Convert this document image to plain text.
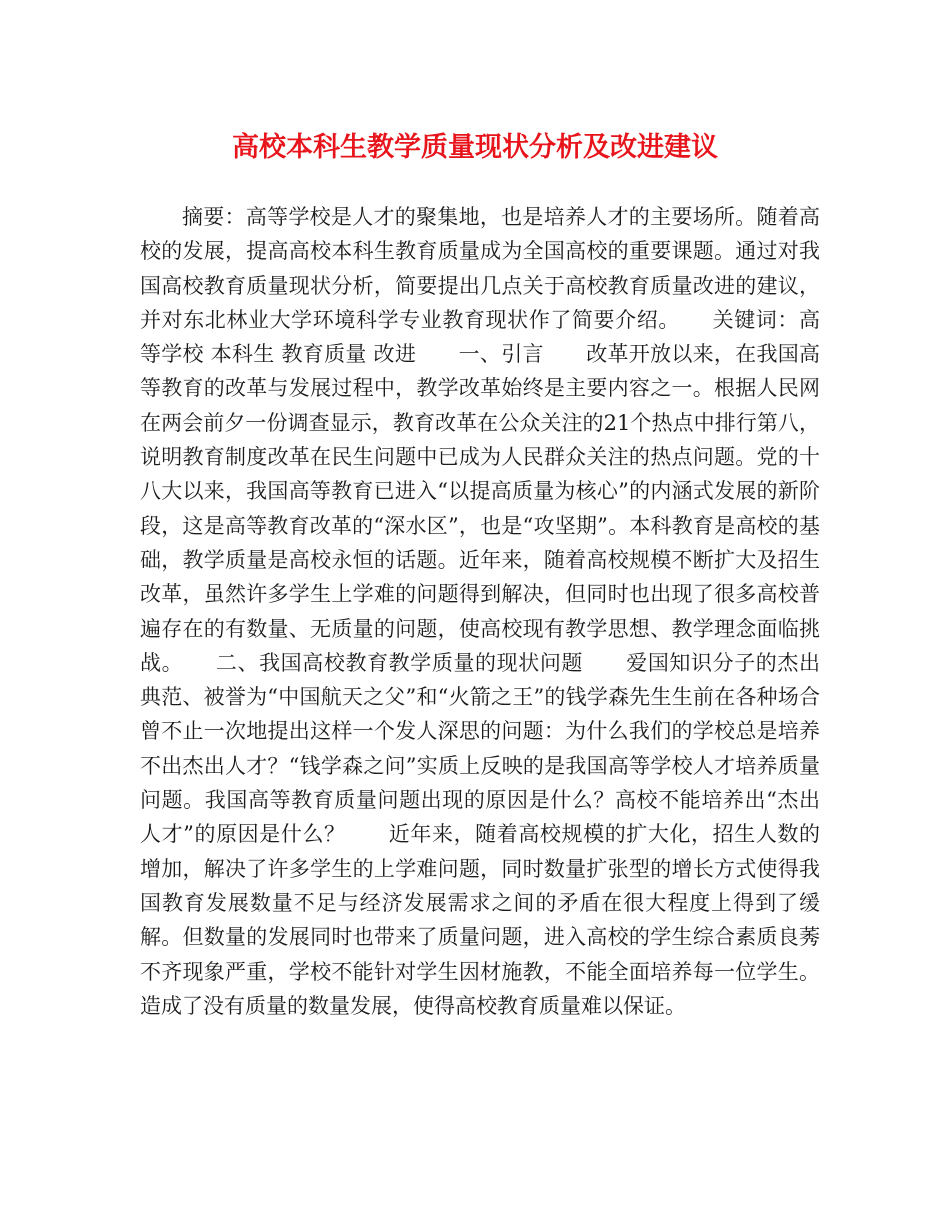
高校本科生教学质量现状分析及改进建议

摘要：高等学校是人才的聚集地，也是培养人才的主要场所。随着高校的发展，提高高校本科生教育质量成为全国高校的重要课题。通过对我国高校教育质量现状分析，简要提出几点关于高校教育质量改进的建议，并对东北林业大学环境科学专业教育现状作了简要介绍。　　关键词：高等学校 本科生 教育质量 改进　　一、引言　　改革开放以来，在我国高等教育的改革与发展过程中，教学改革始终是主要内容之一。根据人民网在两会前夕一份调查显示，教育改革在公众关注的21个热点中排行第八，说明教育制度改革在民生问题中已成为人民群众关注的热点问题。党的十八大以来，我国高等教育已进入“以提高质量为核心”的内涵式发展的新阶段，这是高等教育改革的“深水区”，也是“攻坚期”。本科教育是高校的基础，教学质量是高校永恒的话题。近年来，随着高校规模不断扩大及招生改革，虽然许多学生上学难的问题得到解决，但同时也出现了很多高校普遍存在的有数量、无质量的问题，使高校现有教学思想、教学理念面临挑战。　　二、我国高校教育教学质量的现状问题　　爱国知识分子的杰出典范、被誉为“中国航天之父”和“火箭之王”的钱学森先生生前在各种场合曾不止一次地提出这样一个发人深思的问题：为什么我们的学校总是培养不出杰出人才？“钱学森之问”实质上反映的是我国高等学校人才培养质量问题。我国高等教育质量问题出现的原因是什么？高校不能培养出“杰出人才”的原因是什么？　　近年来，随着高校规模的扩大化，招生人数的增加，解决了许多学生的上学难问题，同时数量扩张型的增长方式使得我国教育发展数量不足与经济发展需求之间的矛盾在很大程度上得到了缓解。但数量的发展同时也带来了质量问题，进入高校的学生综合素质良莠不齐现象严重，学校不能针对学生因材施教，不能全面培养每一位学生。造成了没有质量的数量发展，使得高校教育质量难以保证。
